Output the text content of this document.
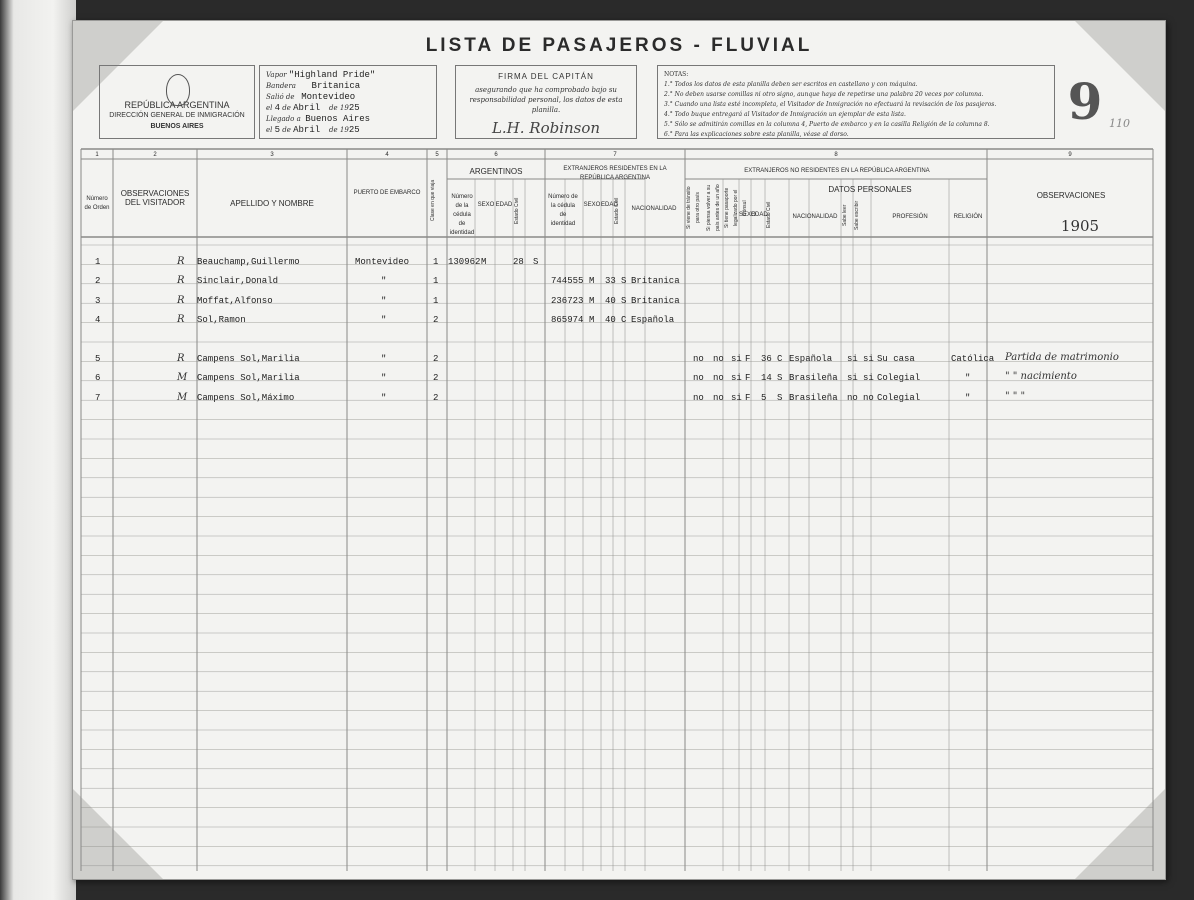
LISTA DE PASAJEROS - FLUVIAL
REPÚBLICA ARGENTINA
DIRECCIÓN GENERAL DE INMIGRACIÓN
BUENOS AIRES
Vapor "Highland Pride"
Bandera Britanica
Salió de Montevideo
el 4 de Abril de 1925
Llegado a Buenos Aires
el 5 de Abril de 1925
FIRMA DEL CAPITÁN
asegurando que ha comprobado bajo su responsabilidad personal, los datos de esta planilla.
L.H. Robinson
NOTAS:
1.° Todos los datos de esta planilla deben ser escritos en castellano y con máquina.
2.° No deben usarse comillas ni otro signo, aunque haya de repetirse una palabra 20 veces por columna.
3.° Cuando una lista esté incompleta, el Visitador de Inmigración no efectuará la revisación de los pasajeros.
4.° Todo buque entregará al Visitador de Inmigración un ejemplar de esta lista.
5.° Sólo se admitirán comillas en la columna 4, Puerto de embarco y en la casilla Religión de la columna 8.
6.° Para las explicaciones sobre esta planilla, véase al dorso.
9 110
1	2	3	4	5	6	7	8	9
Número de Orden
OBSERVACIONES DEL VISITADOR	APELLIDO Y NOMBRE
PUERTO DE EMBARCO	Clase en que viaja
ARGENTINOS
Número de la cédula de identidad
SEXO EDAD Estado Civil
EXTRANJEROS RESIDENTES EN LA REPÚBLICA ARGENTINA
Número de la cédula de identidad
SEXO EDAD
Estado Civil	NACIONALIDAD
EXTRANJEROS NO RESIDENTES EN LA REPÚBLICA ARGENTINA
DATOS PERSONALES
Si viene de tránsito para otro país Si piensa volver a su país antes de un año Si tiene pasaporte legalizado por el Cónsul
SEXO
EDAD
Estado Civil	NACIONALIDAD Sabe leer	Sabe escribir	PROFESIÓN	RELIGIÓN
OBSERVACIONES
1	R Beauchamp,Guillermo	Montevideo	1 130962 M	28 S
2	R Sinclair,Donald	"	1	744555 M 33 S Britanica
3	R Moffat,Alfonso	"	1	236723 M 40 S Britanica
4	R Sol,Ramon	"	2	865974 M 40 C Española
5	R Campens Sol,Marilia	"	2	no no si F 36 C Española si si Su casa	Católica Partida de matrimonio
6	M Campens Sol,Marilia	"	2	no no si F 14 S Brasileña si si Colegial	"	" " nacimiento
7	M Campens Sol,Máximo	"	2	no no si F 5 S Brasileña no no Colegial	"	" " "
1905
